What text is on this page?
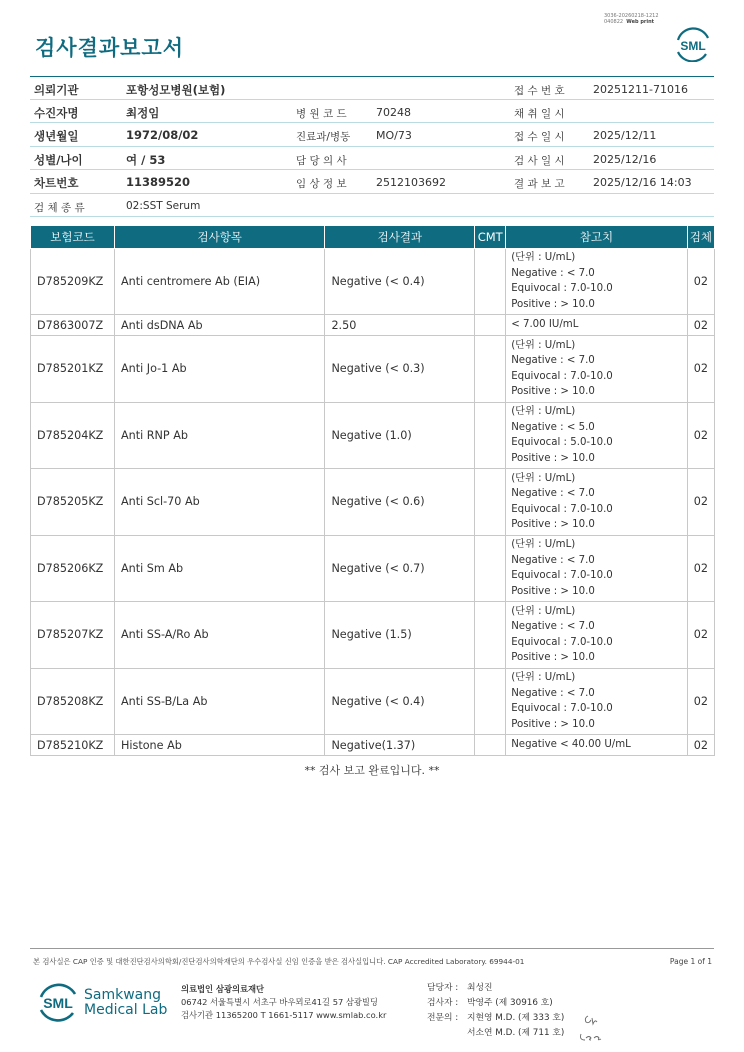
3036-20260218-1212
040822 Web print
검사결과보고서	SML
의뢰기관	포항성모병원(보험)	접 수 번 호	20251211-71016
수진자명	최정임	병 원 코 드	70248	채 취 일 시
생년월일	1972/08/02	진료과/병동 MO/73	접 수 일 시	2025/12/11
성별/나이	여 / 53	담 당 의 사	검 사 일 시	2025/12/16
차트번호	11389520	임 상 정 보	2512103692	결 과 보 고	2025/12/16 14:03
검 체 종 류	02:SST Serum
보험코드	검사항목	검사결과	CMT	참고치	검체
D785209KZ	Anti centromere Ab (EIA)	Negative (< 0.4)		(단위 : U/mL)
Negative : < 7.0
Equivocal : 7.0-10.0
Positive : > 10.0	02
D7863007Z	Anti dsDNA Ab	2.50		< 7.00 IU/mL	02
D785201KZ	Anti Jo-1 Ab	Negative (< 0.3)		(단위 : U/mL)
Negative : < 7.0
Equivocal : 7.0-10.0
Positive : > 10.0	02
D785204KZ	Anti RNP Ab	Negative (1.0)		(단위 : U/mL)
Negative : < 5.0
Equivocal : 5.0-10.0
Positive : > 10.0	02
D785205KZ	Anti Scl-70 Ab	Negative (< 0.6)		(단위 : U/mL)
Negative : < 7.0
Equivocal : 7.0-10.0
Positive : > 10.0	02
D785206KZ	Anti Sm Ab	Negative (< 0.7)		(단위 : U/mL)
Negative : < 7.0
Equivocal : 7.0-10.0
Positive : > 10.0	02
D785207KZ	Anti SS-A/Ro Ab	Negative (1.5)		(단위 : U/mL)
Negative : < 7.0
Equivocal : 7.0-10.0
Positive : > 10.0	02
D785208KZ	Anti SS-B/La Ab	Negative (< 0.4)		(단위 : U/mL)
Negative : < 7.0
Equivocal : 7.0-10.0
Positive : > 10.0	02
D785210KZ	Histone Ab	Negative(1.37)		Negative < 40.00 U/mL	02
** 검사 보고 완료입니다. **
본 검사실은 CAP 인증 및 대한진단검사의학회/진단검사의학재단의 우수검사실 신임 인증을 받은 검사실입니다. CAP Accredited Laboratory. 69944-01	Page 1 of 1
SML Samkwang
Medical Lab
의료법인 삼광의료재단
06742 서울특별시 서초구 바우뫼로41길 57 삼광빌딩
검사기관 11365200 T 1661-5117 www.smlab.co.kr
담당자 : 최성진
검사자 : 박영주 (제 30916 호)
전문의 : 지현영 M.D. (제 333 호)
서소연 M.D. (제 711 호)
